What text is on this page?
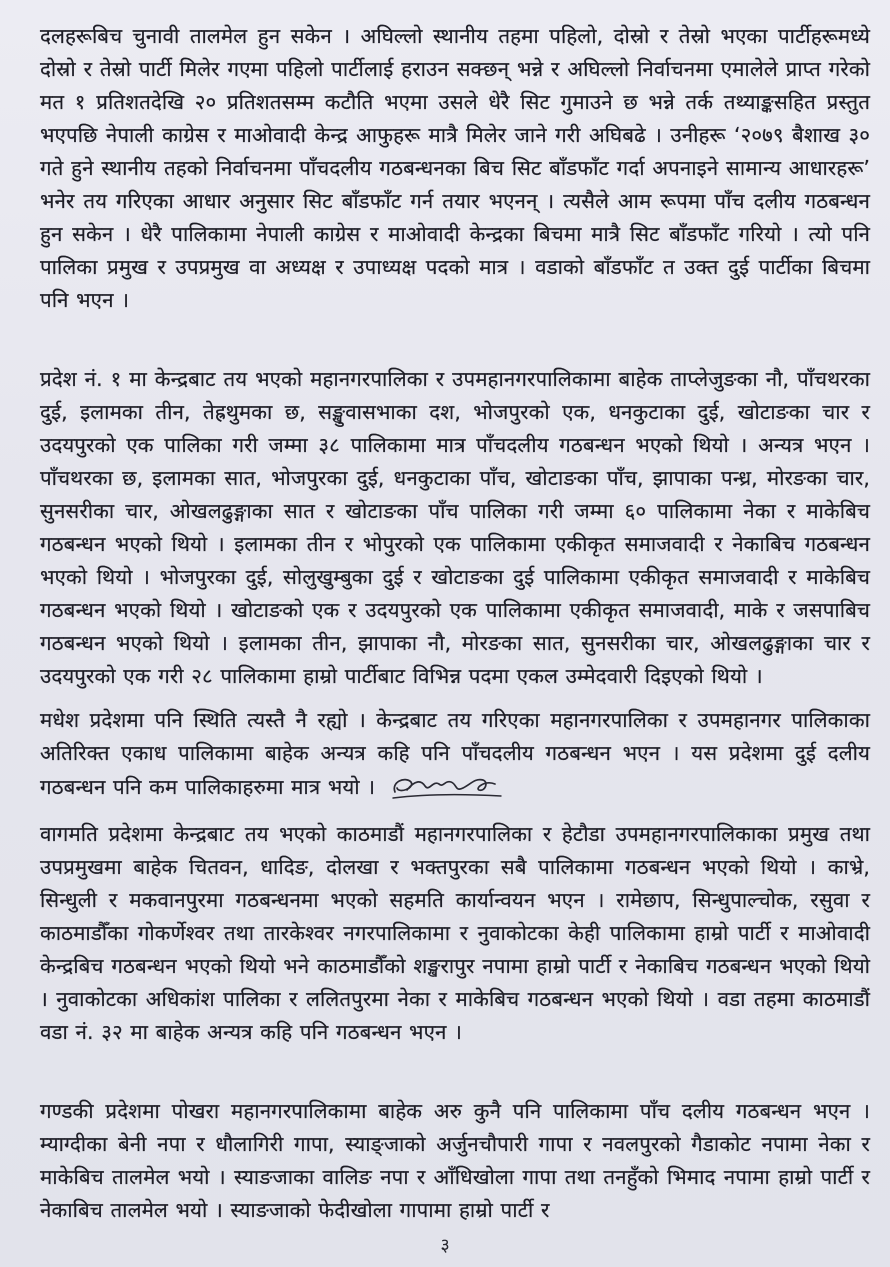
दलहरूबिच चुनावी तालमेल हुन सकेन । अघिल्लो स्थानीय तहमा पहिलो, दोस्रो र तेस्रो भएका पार्टीहरूमध्ये दोस्रो र तेस्रो पार्टी मिलेर गएमा पहिलो पार्टीलाई हराउन सक्छन् भन्ने र अघिल्लो निर्वाचनमा एमालेले प्राप्त गरेको मत १ प्रतिशतदेखि २० प्रतिशतसम्म कटौति भएमा उसले धेरै सिट गुमाउने छ भन्ने तर्क तथ्याङ्कसहित प्रस्तुत भएपछि नेपाली काग्रेस र माओवादी केन्द्र आफुहरू मात्रै मिलेर जाने गरी अघिबढे । उनीहरू ‘२०७९ बैशाख ३० गते हुने स्थानीय तहको निर्वाचनमा पाँचदलीय गठबन्धनका बिच सिट बाँडफाँट गर्दा अपनाइने सामान्य आधारहरू’ भनेर तय गरिएका आधार अनुसार सिट बाँडफाँट गर्न तयार भएनन् । त्यसैले आम रूपमा पाँच दलीय गठबन्धन हुन सकेन । धेरै पालिकामा नेपाली काग्रेस र माओवादी केन्द्रका बिचमा मात्रै सिट बाँडफाँट गरियो । त्यो पनि पालिका प्रमुख र उपप्रमुख वा अध्यक्ष र उपाध्यक्ष पदको मात्र । वडाको बाँडफाँट त उक्त दुई पार्टीका बिचमा पनि भएन ।

प्रदेश नं. १ मा केन्द्रबाट तय भएको महानगरपालिका र उपमहानगरपालिकामा बाहेक ताप्लेजुङका नौ, पाँचथरका दुई, इलामका तीन, तेह्रथुमका छ, सङ्खुवासभाका दश, भोजपुरको एक, धनकुटाका दुई, खोटाङका चार र उदयपुरको एक पालिका गरी जम्मा ३८ पालिकामा मात्र पाँचदलीय गठबन्धन भएको थियो । अन्यत्र भएन । पाँचथरका छ, इलामका सात, भोजपुरका दुई, धनकुटाका पाँच, खोटाङका पाँच, झापाका पन्ध्र, मोरङका चार, सुनसरीका चार, ओखलढुङ्गाका सात र खोटाङका पाँच पालिका गरी जम्मा ६० पालिकामा नेका र माकेबिच गठबन्धन भएको थियो । इलामका तीन र भोपुरको एक पालिकामा एकीकृत समाजवादी र नेकाबिच गठबन्धन भएको थियो । भोजपुरका दुई, सोलुखुम्बुका दुई र खोटाङका दुई पालिकामा एकीकृत समाजवादी र माकेबिच गठबन्धन भएको थियो । खोटाङको एक र उदयपुरको एक पालिकामा एकीकृत समाजवादी, माके र जसपाबिच गठबन्धन भएको थियो । इलामका तीन, झापाका नौ, मोरङका सात, सुनसरीका चार, ओखलढुङ्गाका चार र उदयपुरको एक गरी २८ पालिकामा हाम्रो पार्टीबाट विभिन्न पदमा एकल उम्मेदवारी दिइएको थियो ।

मधेश प्रदेशमा पनि स्थिति त्यस्तै नै रह्यो । केन्द्रबाट तय गरिएका महानगरपालिका र उपमहानगर पालिकाका अतिरिक्त एकाध पालिकामा बाहेक अन्यत्र कहि पनि पाँचदलीय गठबन्धन भएन । यस प्रदेशमा दुई दलीय गठबन्धन पनि कम पालिकाहरुमा मात्र भयो ।

वागमति प्रदेशमा केन्द्रबाट तय भएको काठमाडौं महानगरपालिका र हेटौडा उपमहानगरपालिकाका प्रमुख तथा उपप्रमुखमा बाहेक चितवन, धादिङ, दोलखा र भक्तपुरका सबै पालिकामा गठबन्धन भएको थियो । काभ्रे, सिन्धुली र मकवानपुरमा गठबन्धनमा भएको सहमति कार्यान्वयन भएन । रामेछाप, सिन्धुपाल्चोक, रसुवा र काठमाडौँका गोकर्णेश्वर तथा तारकेश्वर नगरपालिकामा र नुवाकोटका केही पालिकामा हाम्रो पार्टी र माओवादी केन्द्रबिच गठबन्धन भएको थियो भने काठमाडौँको शङ्खरापुर नपामा हाम्रो पार्टी र नेकाबिच गठबन्धन भएको थियो । नुवाकोटका अधिकांश पालिका र ललितपुरमा नेका र माकेबिच गठबन्धन भएको थियो । वडा तहमा काठमाडौं वडा नं. ३२ मा बाहेक अन्यत्र कहि पनि गठबन्धन भएन ।

गण्डकी प्रदेशमा पोखरा महानगरपालिकामा बाहेक अरु कुनै पनि पालिकामा पाँच दलीय गठबन्धन भएन । म्याग्दीका बेनी नपा र धौलागिरी गापा, स्याङ्जाको अर्जुनचौपारी गापा र नवलपुरको गैडाकोट नपामा नेका र माकेबिच तालमेल भयो । स्याङजाका वालिङ नपा र आँधिखोला गापा तथा तनहुँको भिमाद नपामा हाम्रो पार्टी र नेकाबिच तालमेल भयो । स्याङजाको फेदीखोला गापामा हाम्रो पार्टी र

३
